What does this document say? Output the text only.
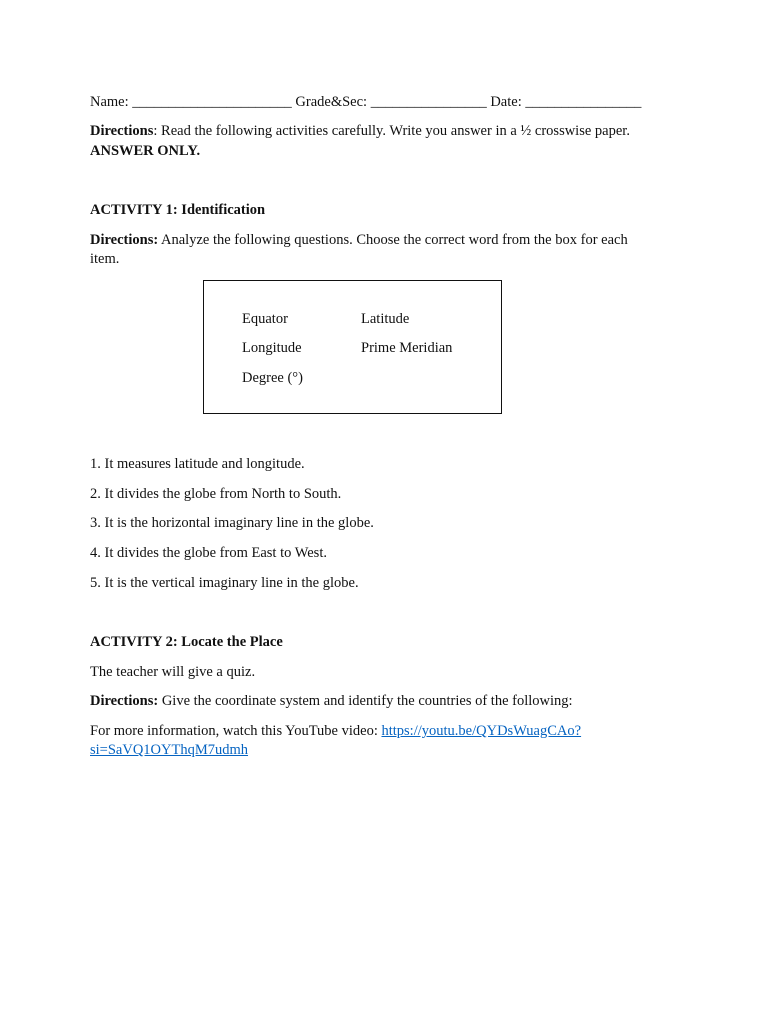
Name: ______________________ Grade&Sec: ________________ Date: ________________
Directions: Read the following activities carefully. Write you answer in a ½ crosswise paper.
ANSWER ONLY.
ACTIVITY 1: Identification
Directions: Analyze the following questions. Choose the correct word from the box for each item.
Equator	Latitude
Longitude	Prime Meridian
Degree (°)
1. It measures latitude and longitude.
2. It divides the globe from North to South.
3. It is the horizontal imaginary line in the globe.
4. It divides the globe from East to West.
5. It is the vertical imaginary line in the globe.
ACTIVITY 2: Locate the Place
The teacher will give a quiz.
Directions: Give the coordinate system and identify the countries of the following:
For more information, watch this YouTube video: https://youtu.be/QYDsWuagCAo?
si=SaVQ1OYThqM7udmh
